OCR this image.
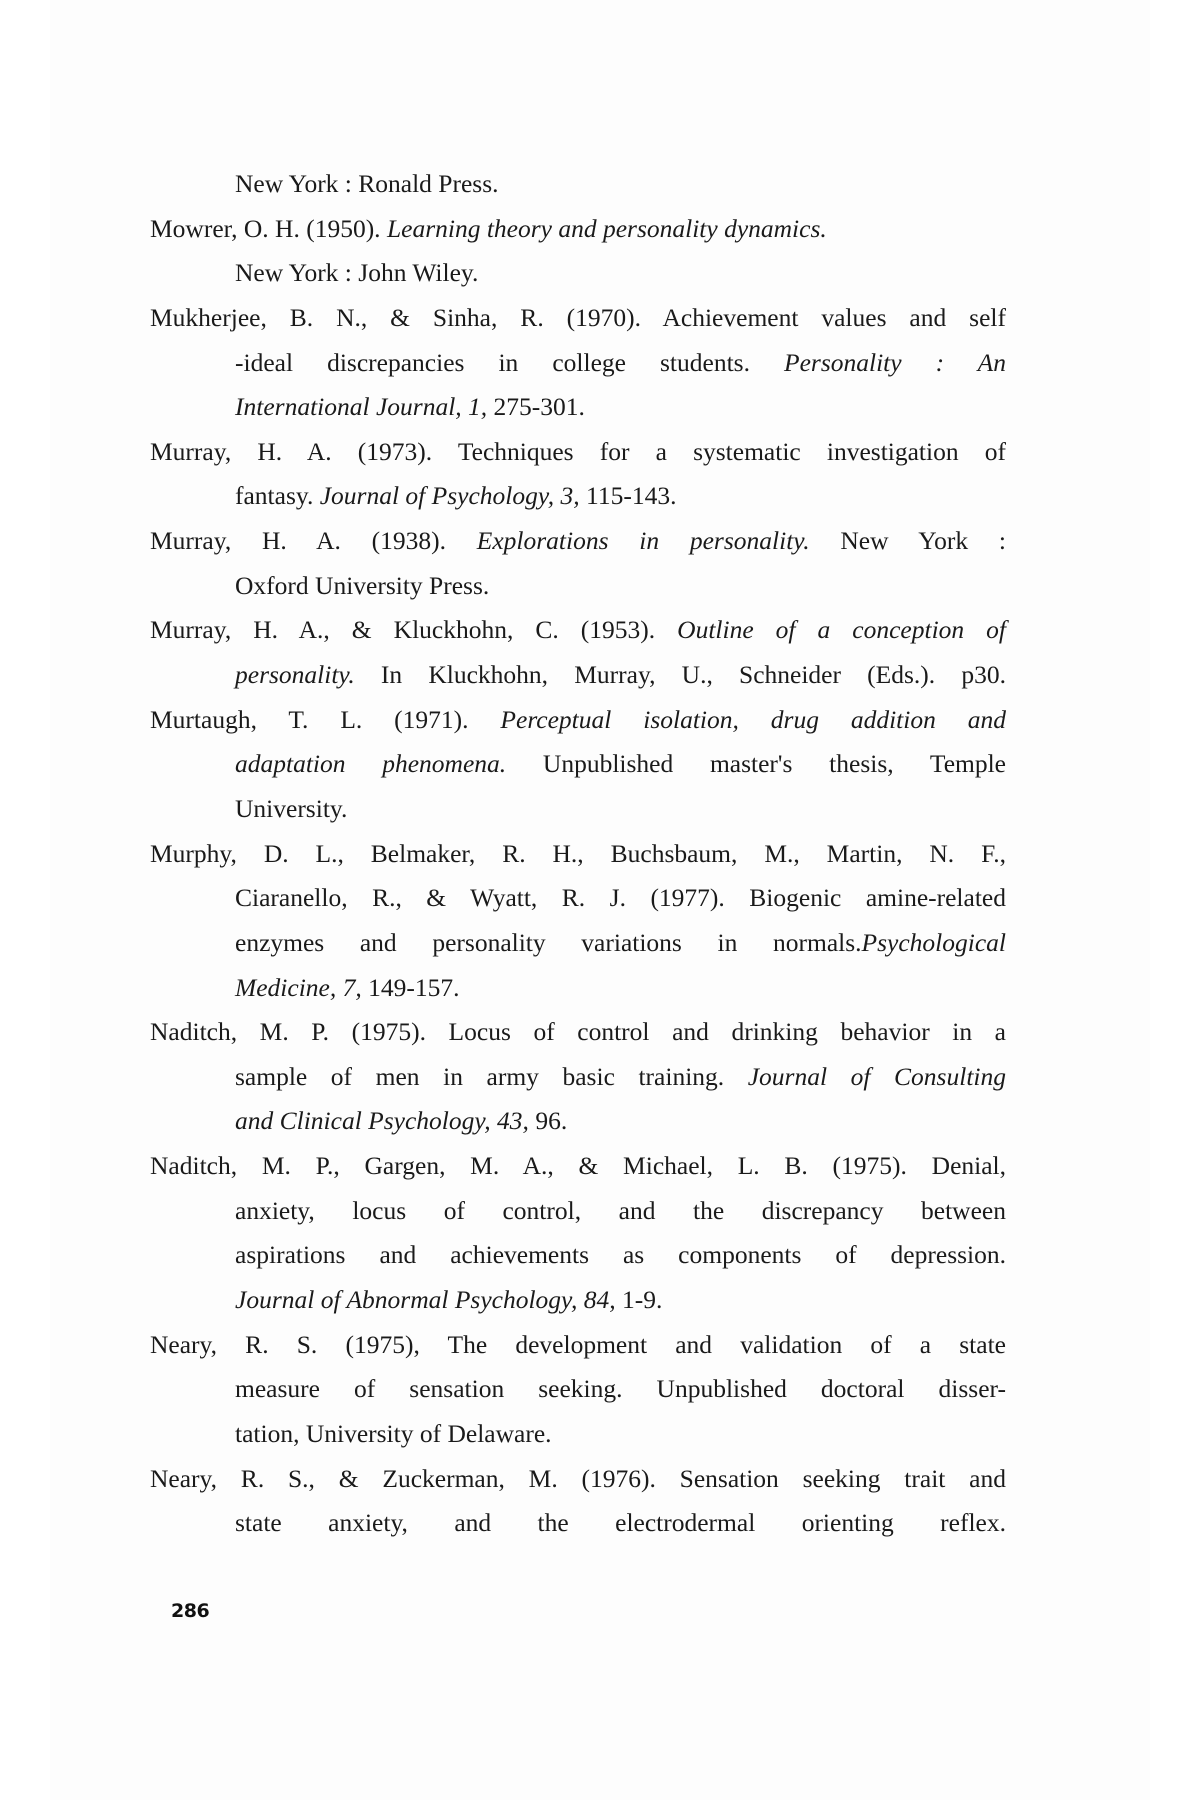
New York : Ronald Press.
Mowrer, O. H. (1950). Learning theory and personality dynamics.
New York : John Wiley.
Mukherjee, B. N., & Sinha, R. (1970). Achievement values and self
-ideal discrepancies in college students. Personality : An
International Journal, 1, 275-301.
Murray, H. A. (1973). Techniques for a systematic investigation of
fantasy. Journal of Psychology, 3, 115-143.
Murray, H. A. (1938). Explorations in personality. New York :
Oxford University Press.
Murray, H. A., & Kluckhohn, C. (1953). Outline of a conception of
personality. In Kluckhohn, Murray, U., Schneider (Eds.). p30.
Murtaugh, T. L. (1971). Perceptual isolation, drug addition and
adaptation phenomena. Unpublished master's thesis, Temple
University.
Murphy, D. L., Belmaker, R. H., Buchsbaum, M., Martin, N. F.,
Ciaranello, R., & Wyatt, R. J. (1977). Biogenic amine-related
enzymes and personality variations in normals.Psychological
Medicine, 7, 149-157.
Naditch, M. P. (1975). Locus of control and drinking behavior in a
sample of men in army basic training. Journal of Consulting
and Clinical Psychology, 43, 96.
Naditch, M. P., Gargen, M. A., & Michael, L. B. (1975). Denial,
anxiety, locus of control, and the discrepancy between
aspirations and achievements as components of depression.
Journal of Abnormal Psychology, 84, 1-9.
Neary, R. S. (1975), The development and validation of a state
measure of sensation seeking. Unpublished doctoral disser-
tation, University of Delaware.
Neary, R. S., & Zuckerman, M. (1976). Sensation seeking trait and
state anxiety, and the electrodermal orienting reflex.
286
